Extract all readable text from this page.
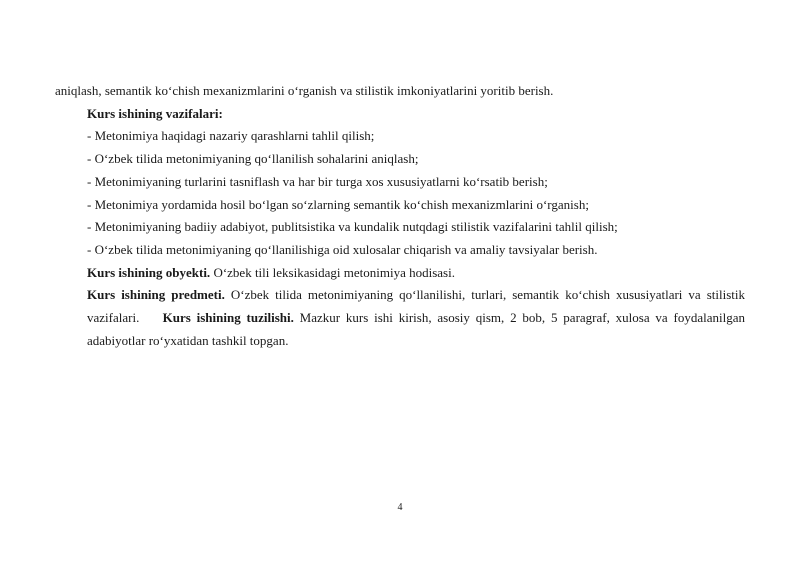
aniqlash, semantik ko‘chish mexanizmlarini o‘rganish va stilistik imkoniyatlarini yoritib berish.
Kurs ishining vazifalari:
- Metonimiya haqidagi nazariy qarashlarni tahlil qilish;
- O‘zbek tilida metonimiyaning qo‘llanilish sohalarini aniqlash;
- Metonimiyaning turlarini tasniflash va har bir turga xos xususiyatlarni ko‘rsatib berish;
- Metonimiya yordamida hosil bo‘lgan so‘zlarning semantik ko‘chish mexanizmlarini o‘rganish;
- Metonimiyaning badiiy adabiyot, publitsistika va kundalik nutqdagi stilistik vazifalarini tahlil qilish;
- O‘zbek tilida metonimiyaning qo‘llanilishiga oid xulosalar chiqarish va amaliy tavsiyalar berish.
Kurs ishining obyekti. O‘zbek tili leksikasidagi metonimiya hodisasi.
Kurs ishining predmeti. O‘zbek tilida metonimiyaning qo‘llanilishi, turlari, semantik ko‘chish xususiyatlari va stilistik vazifalari. Kurs ishining tuzilishi. Mazkur kurs ishi kirish, asosiy qism, 2 bob, 5 paragraf, xulosa va foydalanilgan adabiyotlar ro‘yxatidan tashkil topgan.
4
